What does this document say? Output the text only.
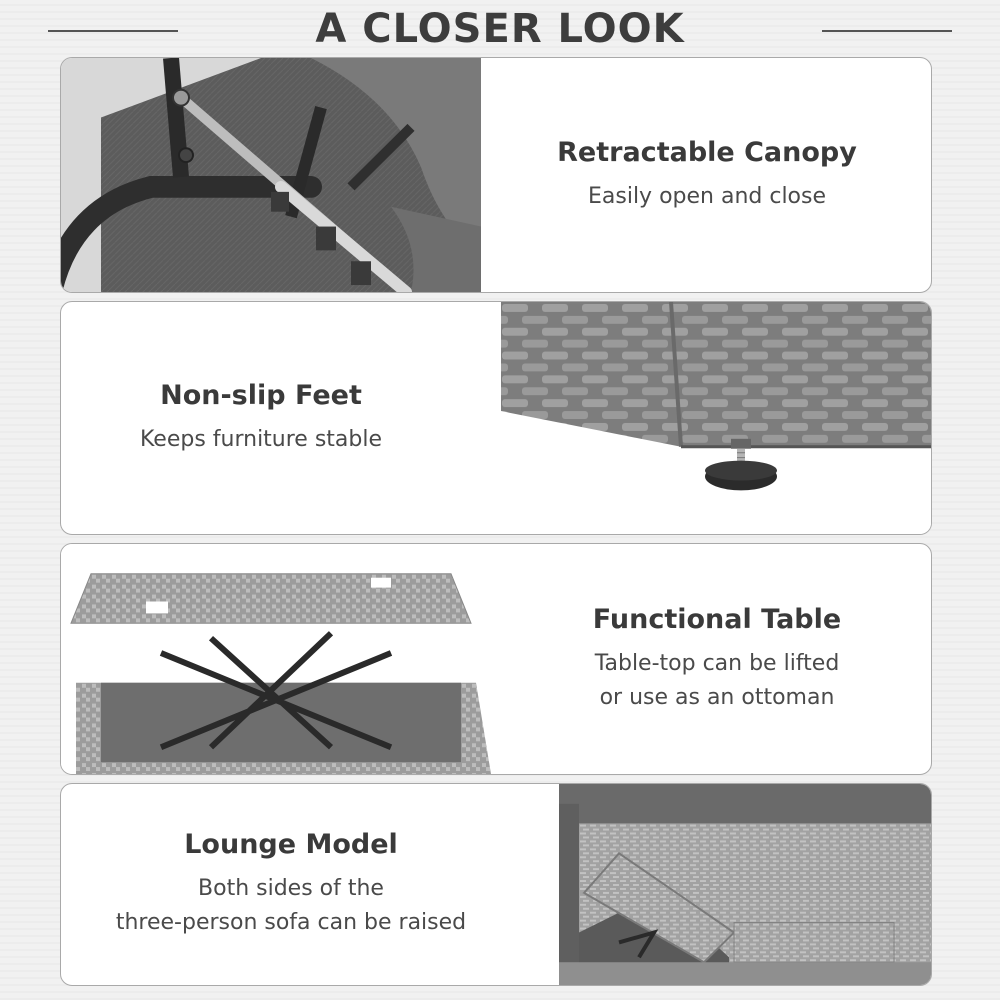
A CLOSER LOOK

Retractable Canopy

Easily open and close

Non-slip Feet

Keeps furniture stable

Functional Table

Table-top can be lifted

or use as an ottoman

Lounge Model

Both sides of the

three-person sofa can be raised
